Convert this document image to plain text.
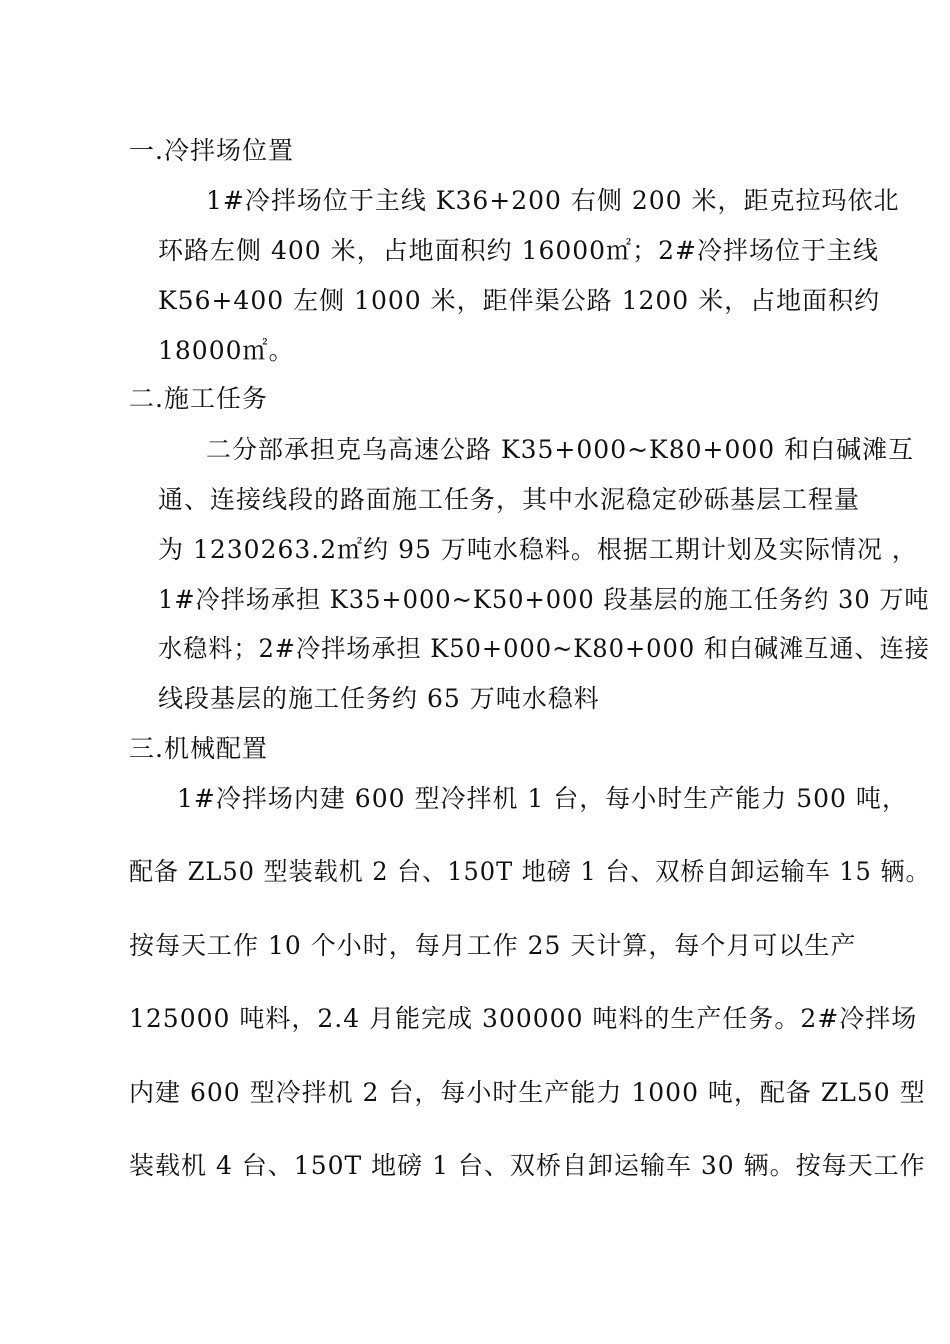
一.冷拌场位置
1#冷拌场位于主线 K36+200 右侧 200 米，距克拉玛依北
环路左侧 400 米，占地面积约 16000㎡；2#冷拌场位于主线
K56+400 左侧 1000 米，距伴渠公路 1200 米，占地面积约
18000㎡。
二.施工任务
二分部承担克乌高速公路 K35+000~K80+000 和白碱滩互
通、连接线段的路面施工任务，其中水泥稳定砂砾基层工程量
为 1230263.2㎡约 95 万吨水稳料。根据工期计划及实际情况 ，
1#冷拌场承担 K35+000~K50+000 段基层的施工任务约 30 万吨
水稳料；2#冷拌场承担 K50+000~K80+000 和白碱滩互通、连接
线段基层的施工任务约 65 万吨水稳料
三.机械配置
1#冷拌场内建 600 型冷拌机 1 台，每小时生产能力 500 吨，
配备 ZL50 型装载机 2 台、150T 地磅 1 台、双桥自卸运输车 15 辆。
按每天工作 10 个小时，每月工作 25 天计算，每个月可以生产
125000 吨料，2.4 月能完成 300000 吨料的生产任务。2#冷拌场
内建 600 型冷拌机 2 台，每小时生产能力 1000 吨，配备 ZL50 型
装载机 4 台、150T 地磅 1 台、双桥自卸运输车 30 辆。按每天工作
